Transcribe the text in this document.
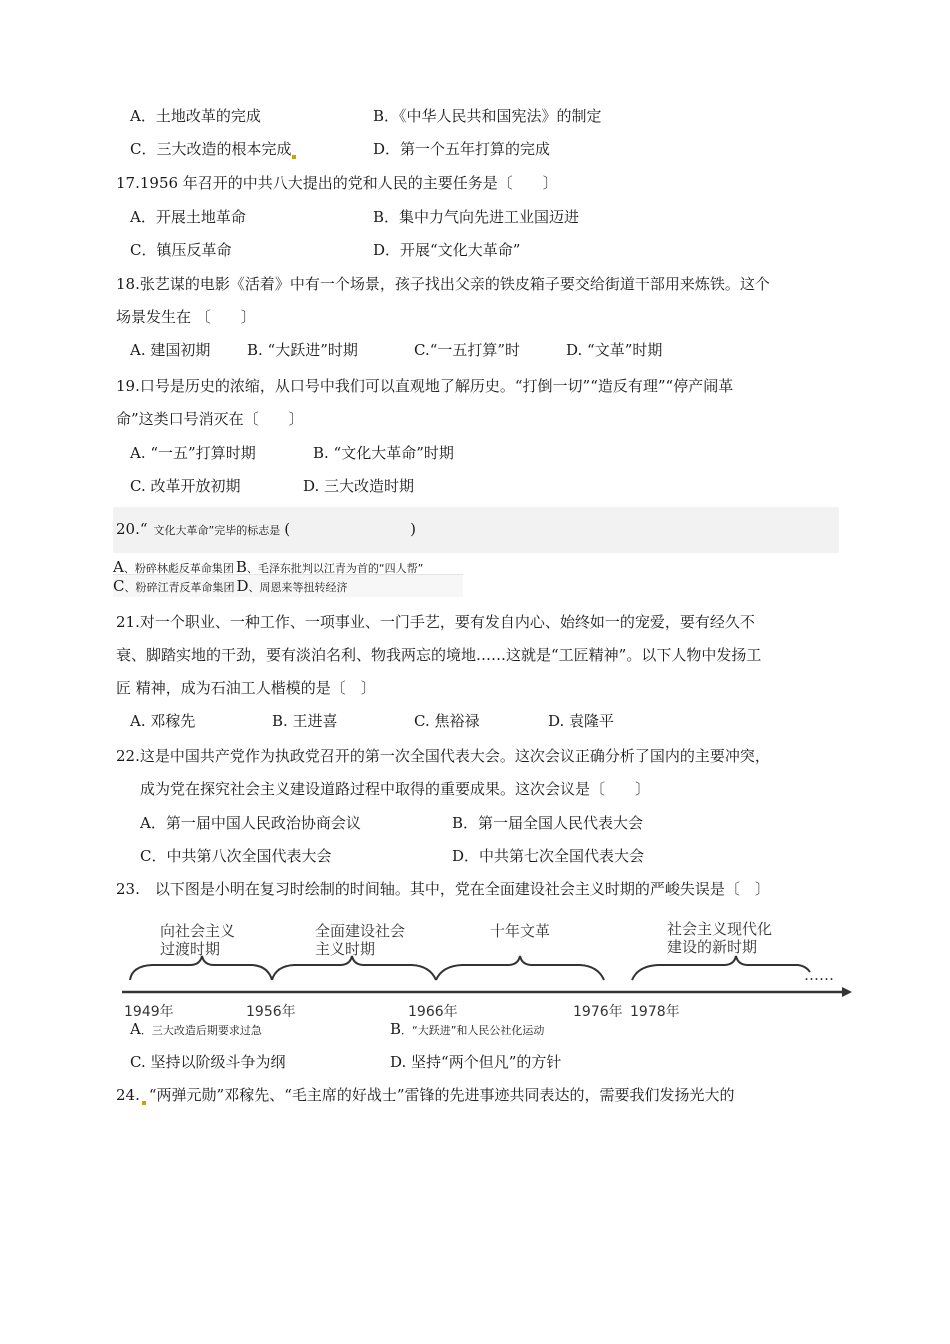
A．土地改革的完成	B．《中华人民共和国宪法》的制定
C．三大改造的根本完成	D．第一个五年打算的完成
17.1956 年召开的中共八大提出的党和人民的主要任务是〔　　〕
A．开展土地革命	B．集中力气向先进工业国迈进
C．镇压反革命	D．开展“文化大革命”
18.张艺谋的电影《活着》中有一个场景，孩子找出父亲的铁皮箱子要交给街道干部用来炼铁。这个
场景发生在 〔　　〕
A. 建国初期 B. “大跃进”时期	C.“一五打算”时	D. “文革”时期
19.口号是历史的浓缩，从口号中我们可以直观地了解历史。“打倒一切”“造反有理”“停产闹革
命”这类口号消灭在〔　　〕
A. “一五”打算时期	B. “文化大革命”时期
C. 改革开放初期	D. 三大改造时期
20.“ 文化大革命”完毕的标志是 (　　　　　　　　)
A、粉碎林彪反革命集团 B、毛泽东批判以江青为首的“四人帮”
C、粉碎江青反革命集团 D、周恩来等扭转经济
21.对一个职业、一种工作、一项事业、一门手艺，要有发自内心、始终如一的宠爱，要有经久不
衰、脚踏实地的干劲，要有淡泊名利、物我两忘的境地……这就是“工匠精神”。以下人物中发扬工
匠 精神，成为石油工人楷模的是〔　〕
A. 邓稼先	B. 王进喜	C. 焦裕禄	D. 袁隆平
22.这是中国共产党作为执政党召开的第一次全国代表大会。这次会议正确分析了国内的主要冲突，
成为党在探究社会主义建设道路过程中取得的重要成果。这次会议是〔　　〕
A．第一届中国人民政治协商会议	B．第一届全国人民代表大会
C．中共第八次全国代表大会	D．中共第七次全国代表大会
23.　以下图是小明在复习时绘制的时间轴。其中，党在全面建设社会主义时期的严峻失误是〔　〕
向社会主义
过渡时期
全面建设社会
主义时期
十年文革	社会主义现代化
建设的新时期
……
1949年	1956年	1966年	1976年 1978年
A．三大改造后期要求过急	B．“大跃进”和人民公社化运动
C. 坚持以阶级斗争为纲	D. 坚持“两个但凡”的方针
24. “两弹元勋”邓稼先、“毛主席的好战士”雷锋的先进事迹共同表达的，需要我们发扬光大的
